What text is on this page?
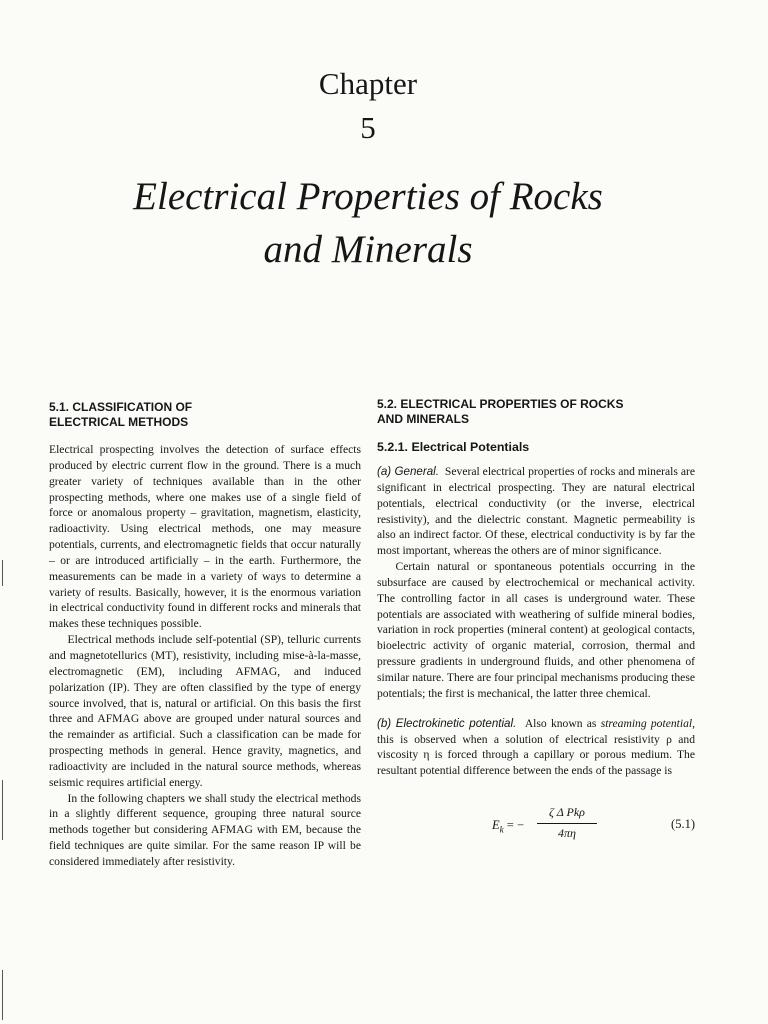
Chapter
5
Electrical Properties of Rocks
and Minerals
5.1. CLASSIFICATION OF
ELECTRICAL METHODS

Electrical prospecting involves the detection of surface effects produced by electric current flow in the ground. There is a much greater variety of techniques available than in the other prospecting methods, where one makes use of a single field of force or anomalous property – gravitation, magnetism, elasticity, radioactivity. Using electrical methods, one may measure potentials, currents, and electromagnetic fields that occur naturally – or are introduced artificially – in the earth. Furthermore, the measurements can be made in a variety of ways to determine a variety of results. Basically, however, it is the enormous variation in electrical conductivity found in different rocks and minerals that makes these techniques possible.

Electrical methods include self-potential (SP), telluric currents and magnetotellurics (MT), resistivity, including mise-à-la-masse, electromagnetic (EM), including AFMAG, and induced polarization (IP). They are often classified by the type of energy source involved, that is, natural or artificial. On this basis the first three and AFMAG above are grouped under natural sources and the remainder as artificial. Such a classification can be made for prospecting methods in general. Hence gravity, magnetics, and radioactivity are included in the natural source methods, whereas seismic requires artificial energy.

In the following chapters we shall study the electrical methods in a slightly different sequence, grouping three natural source methods together but considering AFMAG with EM, because the field techniques are quite similar. For the same reason IP will be considered immediately after resistivity.

5.2. ELECTRICAL PROPERTIES OF ROCKS
AND MINERALS
5.2.1. Electrical Potentials

(a) General. Several electrical properties of rocks and minerals are significant in electrical prospecting. They are natural electrical potentials, electrical conductivity (or the inverse, electrical resistivity), and the dielectric constant. Magnetic permeability is also an indirect factor. Of these, electrical conductivity is by far the most important, whereas the others are of minor significance.

Certain natural or spontaneous potentials occurring in the subsurface are caused by electrochemical or mechanical activity. The controlling factor in all cases is underground water. These potentials are associated with weathering of sulfide mineral bodies, variation in rock properties (mineral content) at geological contacts, bioelectric activity of organic material, corrosion, thermal and pressure gradients in underground fluids, and other phenomena of similar nature. There are four principal mechanisms producing these potentials; the first is mechanical, the latter three chemical.

(b) Electrokinetic potential. Also known as streaming potential, this is observed when a solution of electrical resistivity ρ and viscosity η is forced through a capillary or porous medium. The resultant potential difference between the ends of the passage is

$E_k$ = −
ζ Δ Pkρ
4πη
(5.1)
